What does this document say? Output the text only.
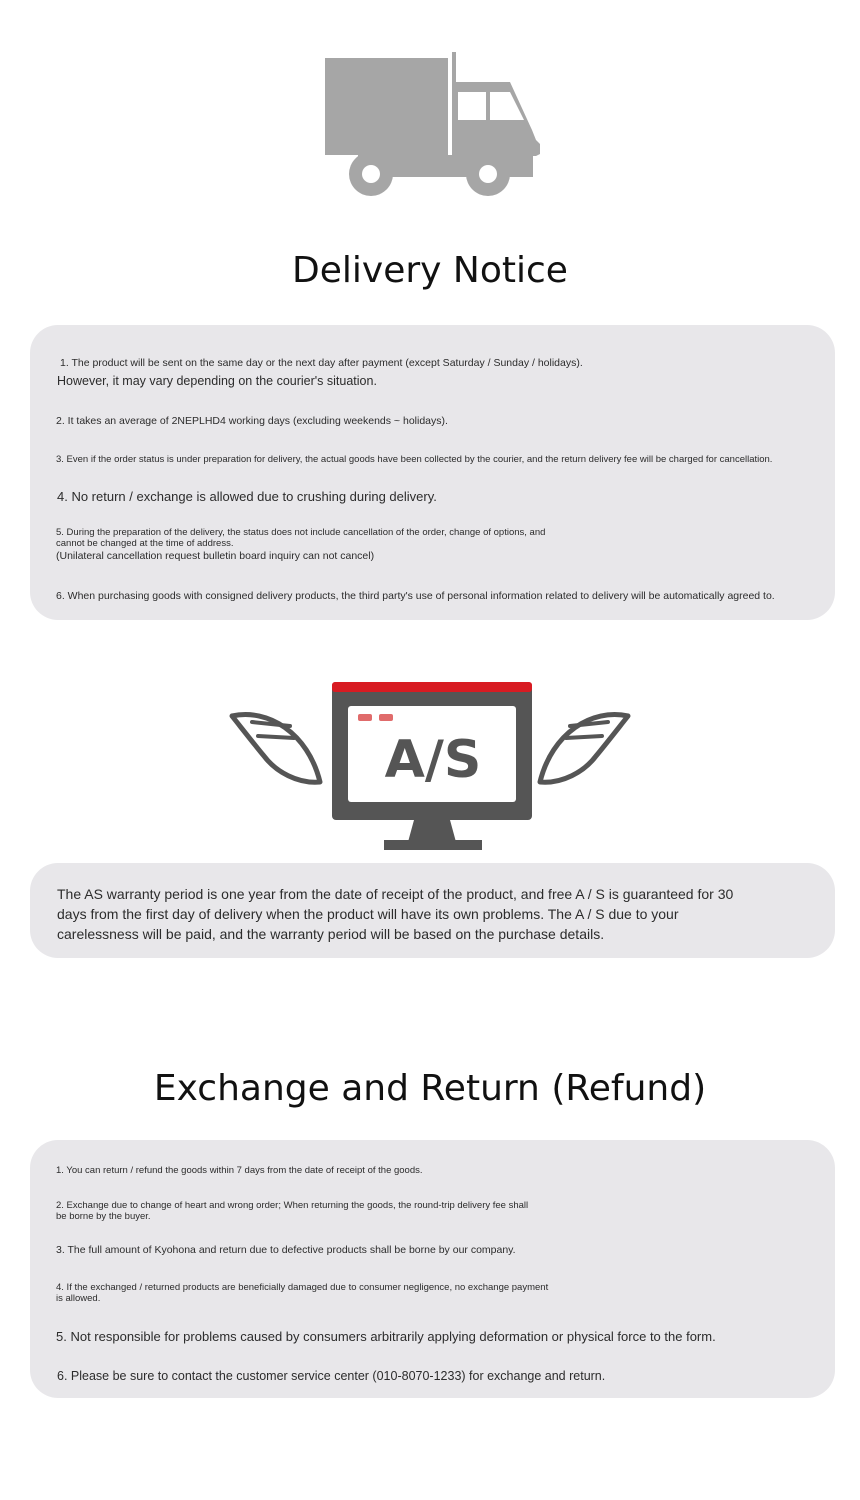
Delivery Notice

1. The product will be sent on the same day or the next day after payment (except Saturday / Sunday / holidays).

However, it may vary depending on the courier's situation.

2. It takes an average of 2NEPLHD4 working days (excluding weekends ~ holidays).

3. Even if the order status is under preparation for delivery, the actual goods have been collected by the courier, and the return delivery fee will be charged for cancellation.

4. No return / exchange is allowed due to crushing during delivery.

5. During the preparation of the delivery, the status does not include cancellation of the order, change of options, and

cannot be changed at the time of address.

(Unilateral cancellation request bulletin board inquiry can not cancel)

6. When purchasing goods with consigned delivery products, the third party's use of personal information related to delivery will be automatically agreed to.

A/S

The AS warranty period is one year from the date of receipt of the product, and free A / S is guaranteed for 30

days from the first day of delivery when the product will have its own problems. The A / S due to your

carelessness will be paid, and the warranty period will be based on the purchase details.

Exchange and Return (Refund)

1. You can return / refund the goods within 7 days from the date of receipt of the goods.

2. Exchange due to change of heart and wrong order; When returning the goods, the round-trip delivery fee shall

be borne by the buyer.

3. The full amount of Kyohona and return due to defective products shall be borne by our company.

4. If the exchanged / returned products are beneficially damaged due to consumer negligence, no exchange payment

is allowed.

5. Not responsible for problems caused by consumers arbitrarily applying deformation or physical force to the form.

6. Please be sure to contact the customer service center (010-8070-1233) for exchange and return.
